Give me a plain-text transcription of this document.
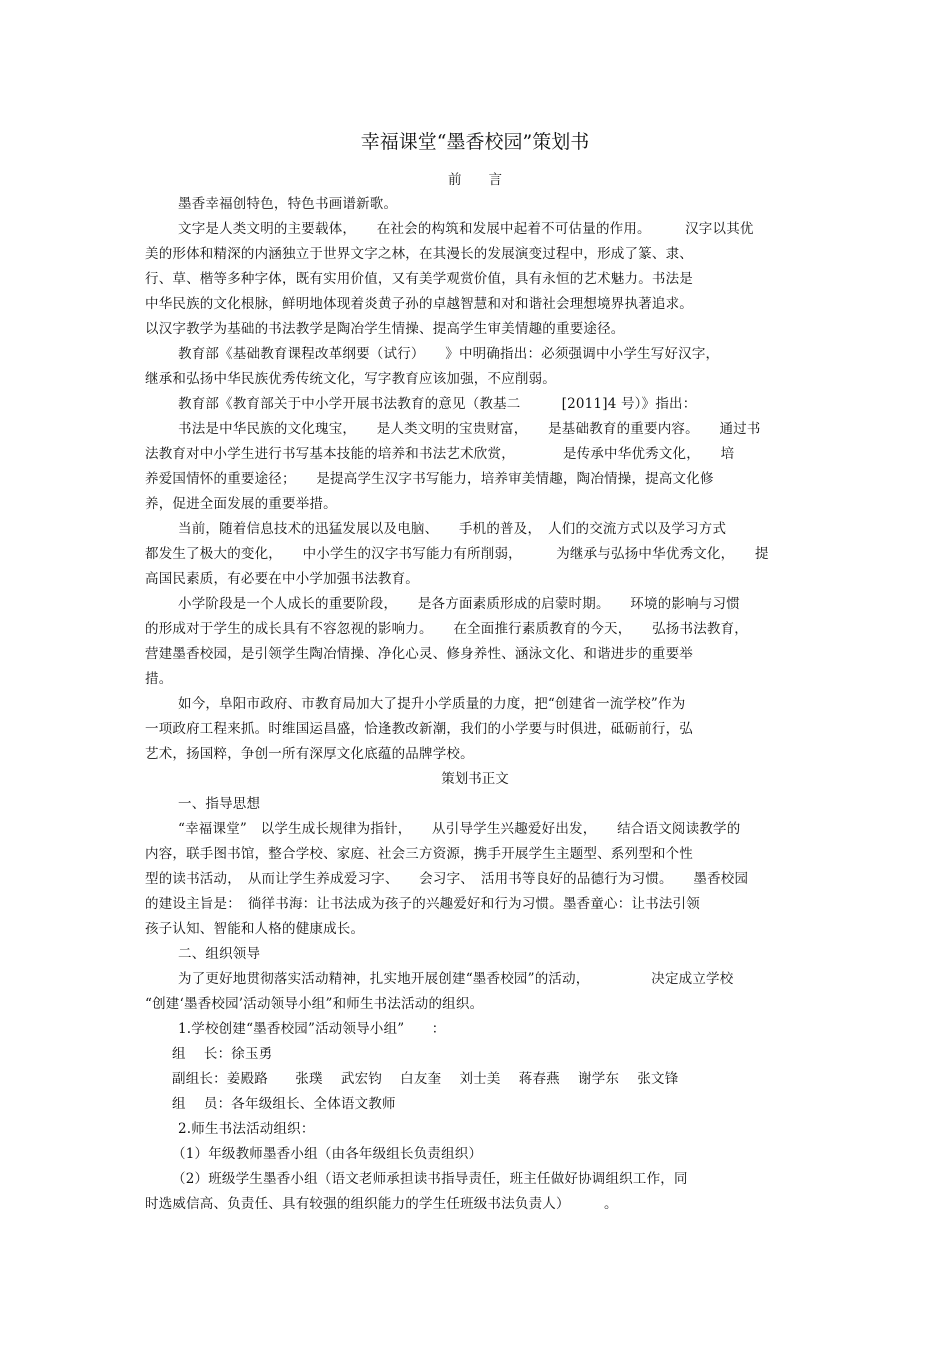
幸福课堂“墨香校园”策划书
前　　言

墨香幸福创特色，特色书画谱新歌。

文字是人类文明的主要载体，　　在社会的构筑和发展中起着不可估量的作用。　　　汉字以其优

美的形体和精深的内涵独立于世界文字之林，在其漫长的发展演变过程中，形成了篆、隶、

行、草、楷等多种字体，既有实用价值，又有美学观赏价值，具有永恒的艺术魅力。书法是

中华民族的文化根脉，鲜明地体现着炎黄子孙的卓越智慧和对和谐社会理想境界执著追求。

以汉字教学为基础的书法教学是陶冶学生情操、提高学生审美情趣的重要途径。

教育部《基础教育课程改革纲要（试行）　　》中明确指出：必须强调中小学生写好汉字，

继承和弘扬中华民族优秀传统文化，写字教育应该加强，不应削弱。

教育部《教育部关于中小学开展书法教育的意见（教基二　　　[2011]4 号）》指出：

书法是中华民族的文化瑰宝，　　是人类文明的宝贵财富，　　是基础教育的重要内容。　　通过书

法教育对中小学生进行书写基本技能的培养和书法艺术欣赏，　　　　是传承中华优秀文化，　　培

养爱国情怀的重要途径；　　是提高学生汉字书写能力，培养审美情趣，陶冶情操，提高文化修

养，促进全面发展的重要举措。

当前，随着信息技术的迅猛发展以及电脑、　　手机的普及，　人们的交流方式以及学习方式

都发生了极大的变化，　　中小学生的汉字书写能力有所削弱，　　　为继承与弘扬中华优秀文化，　　提

高国民素质，有必要在中小学加强书法教育。

小学阶段是一个人成长的重要阶段，　　是各方面素质形成的启蒙时期。　　环境的影响与习惯

的形成对于学生的成长具有不容忽视的影响力。　　在全面推行素质教育的今天，　　弘扬书法教育，

营建墨香校园，是引领学生陶冶情操、净化心灵、修身养性、涵泳文化、和谐进步的重要举

措。

如今，阜阳市政府、市教育局加大了提升小学质量的力度，把“创建省一流学校”作为

一项政府工程来抓。时维国运昌盛，恰逢教改新潮，我们的小学要与时俱进，砥砺前行，弘

艺术，扬国粹，争创一所有深厚文化底蕴的品牌学校。

策划书正文

一、指导思想

“幸福课堂”　以学生成长规律为指针，　　从引导学生兴趣爱好出发，　　结合语文阅读教学的

内容，联手图书馆，整合学校、家庭、社会三方资源，携手开展学生主题型、系列型和个性

型的读书活动，　从而让学生养成爱习字、　　会习字、　活用书等良好的品德行为习惯。　　墨香校园

的建设主旨是：　徜徉书海：让书法成为孩子的兴趣爱好和行为习惯。墨香童心：让书法引领

孩子认知、智能和人格的健康成长。

二、组织领导

为了更好地贯彻落实活动精神，扎实地开展创建“墨香校园”的活动，　　　　　决定成立学校

“创建‘墨香校园’活动领导小组”和师生书法活动的组织。

1.学校创建“墨香校园”活动领导小组”　　：

组　 长：徐玉勇

副组长：姜殿路　　张璞　 武宏钧　 白友奎　 刘士美　 蒋春燕　 谢学东　 张文锋

组　 员：各年级组长、全体语文教师

2.师生书法活动组织：

（1）年级教师墨香小组（由各年级组长负责组织）

（2）班级学生墨香小组（语文老师承担读书指导责任，班主任做好协调组织工作，同

时选威信高、负责任、具有较强的组织能力的学生任班级书法负责人）　　　。
